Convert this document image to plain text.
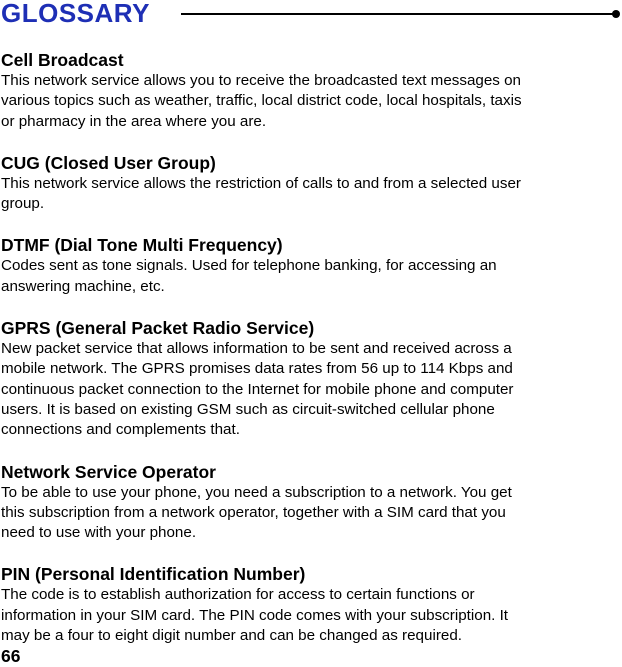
GLOSSARY

Cell Broadcast

This network service allows you to receive the broadcasted text messages on
various topics such as weather, traffic, local district code, local hospitals, taxis
or pharmacy in the area where you are.

CUG (Closed User Group)

This network service allows the restriction of calls to and from a selected user
group.

DTMF (Dial Tone Multi Frequency)

Codes sent as tone signals. Used for telephone banking, for accessing an
answering machine, etc.

GPRS (General Packet Radio Service)

New packet service that allows information to be sent and received across a
mobile network. The GPRS promises data rates from 56 up to 114 Kbps and
continuous packet connection to the Internet for mobile phone and computer
users. It is based on existing GSM such as circuit-switched cellular phone
connections and complements that.

Network Service Operator

To be able to use your phone, you need a subscription to a network. You get
this subscription from a network operator, together with a SIM card that you
need to use with your phone.

PIN (Personal Identification Number)

The code is to establish authorization for access to certain functions or
information in your SIM card. The PIN code comes with your subscription. It
may be a four to eight digit number and can be changed as required.

66
